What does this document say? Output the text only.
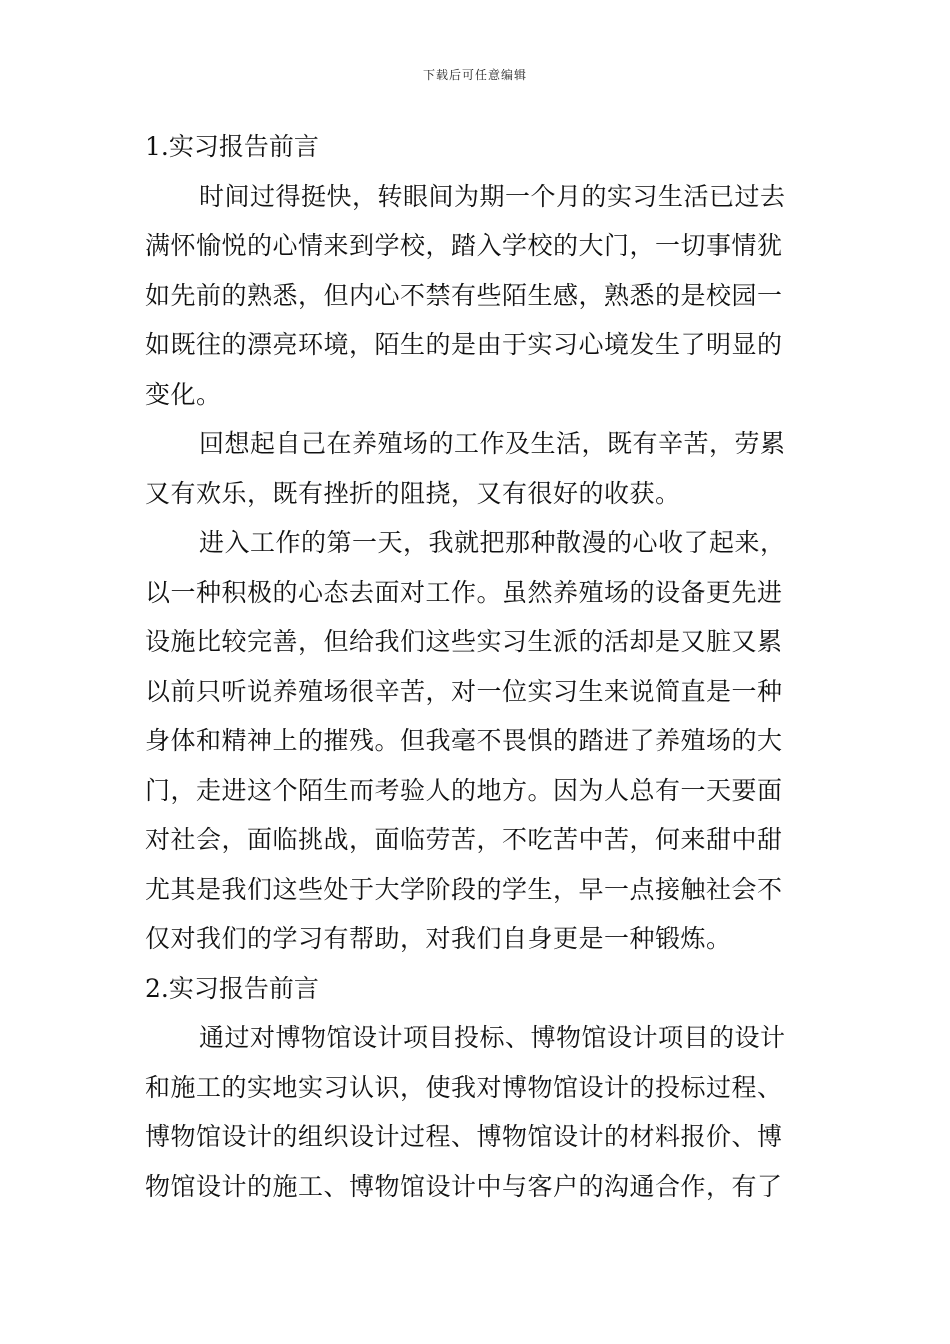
下载后可任意编辑
1.实习报告前言
时间过得挺快，转眼间为期一个月的实习生活已过去
满怀愉悦的心情来到学校，踏入学校的大门，一切事情犹
如先前的熟悉，但内心不禁有些陌生感，熟悉的是校园一
如既往的漂亮环境，陌生的是由于实习心境发生了明显的
变化。
回想起自己在养殖场的工作及生活，既有辛苦，劳累
又有欢乐，既有挫折的阻挠，又有很好的收获。
进入工作的第一天，我就把那种散漫的心收了起来，
以一种积极的心态去面对工作。虽然养殖场的设备更先进
设施比较完善，但给我们这些实习生派的活却是又脏又累
以前只听说养殖场很辛苦，对一位实习生来说简直是一种
身体和精神上的摧残。但我毫不畏惧的踏进了养殖场的大
门，走进这个陌生而考验人的地方。因为人总有一天要面
对社会，面临挑战，面临劳苦，不吃苦中苦，何来甜中甜
尤其是我们这些处于大学阶段的学生，早一点接触社会不
仅对我们的学习有帮助，对我们自身更是一种锻炼。
2.实习报告前言
通过对博物馆设计项目投标、博物馆设计项目的设计
和施工的实地实习认识，使我对博物馆设计的投标过程、
博物馆设计的组织设计过程、博物馆设计的材料报价、博
物馆设计的施工、博物馆设计中与客户的沟通合作，有了
